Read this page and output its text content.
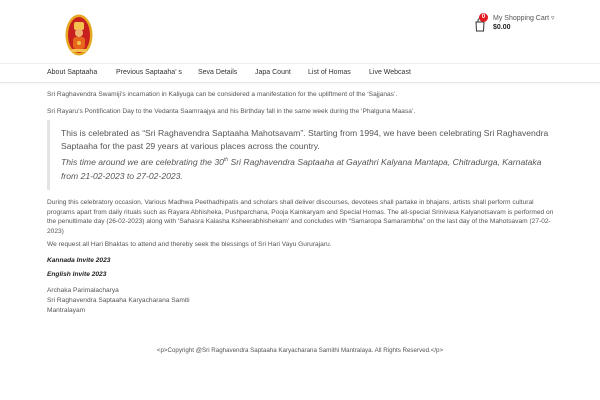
0	My Shopping Cart ▿
$0.00
About Saptaaha	Previous Saptaaha’ s Seva Details	Japa Count List of Homas	Live Webcast

Sri Raghavendra Swamiji’s incarnation in Kaliyuga can be considered a manifestation for the upliftment of the ‘Sajjanas’.

Sri Rayaru’s Pontification Day to the Vedanta Saamraajya and his Birthday fall in the same week during the ‘Phalguna Maasa’.

This is celebrated as “Sri Raghavendra Saptaaha Mahotsavam”. Starting from 1994, we have been celebrating Sri Raghavendra Saptaaha for the past 29 years at various places across the country.

This time around we are celebrating the 30th Sri Raghavendra Saptaaha at Gayathri Kalyana Mantapa, Chitradurga, Karnataka from 21-02-2023 to 27-02-2023.

During this celebratory occasion, Various Madhwa Peethadhipatis and scholars shall deliver discourses, devotees shall partake in bhajans, artists shall perform cultural programs apart from daily rituals such as Rayara Abhisheka, Pushparchana, Pooja Kainkaryam and Special Homas. The all-special Srinivasa Kalyanotsavam is performed on the penultimate day (26-02-2023) along with ‘Sahasra Kalasha Ksheerabhishekam’ and concludes with “Samaropa Samarambha” on the last day of the Mahotsavam (27-02-2023)

We request all Hari Bhaktas to attend and thereby seek the blessings of Sri Hari Vayu Gururajaru.

Kannada Invite 2023
English Invite 2023
Archaka Parimalacharya
Sri Raghavendra Saptaaha Karyacharana Samiti
Mantralayam
<p>Copyright @Sri Raghavendra Saptaaha Karyacharana Samithi Mantralaya. All Rights Reserved.</p>
